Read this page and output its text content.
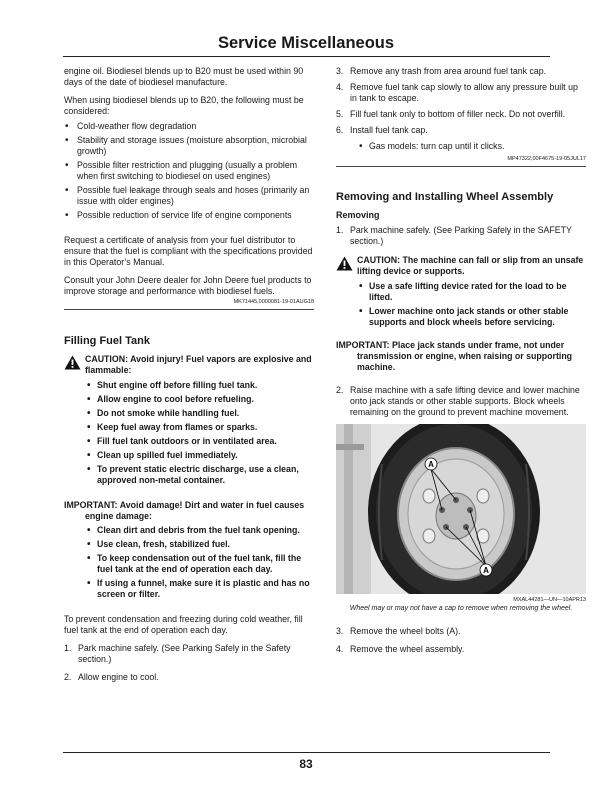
Service Miscellaneous

engine oil. Biodiesel blends up to B20 must be used within 90 days of the date of biodiesel manufacture.

When using biodiesel blends up to B20, the following must be considered:

• Cold-weather flow degradation
• Stability and storage issues (moisture absorption, microbial growth)
• Possible filter restriction and plugging (usually a problem when first switching to biodiesel on used engines)
• Possible fuel leakage through seals and hoses (primarily an issue with older engines)
• Possible reduction of service life of engine components

Request a certificate of analysis from your fuel distributor to ensure that the fuel is compliant with the specifications provided in this Operator’s Manual.

Consult your John Deere dealer for John Deere fuel products to improve storage and performance with biodiesel fuels.

MK71445,0000081-19-01AUG18
Filling Fuel Tank
CAUTION: Avoid injury! Fuel vapors are explosive and flammable:
• Shut engine off before filling fuel tank.
• Allow engine to cool before refueling.
• Do not smoke while handling fuel.
• Keep fuel away from flames or sparks.
• Fill fuel tank outdoors or in ventilated area.
• Clean up spilled fuel immediately.
• To prevent static electric discharge, use a clean, approved non-metal container.
IMPORTANT: Avoid damage! Dirt and water in fuel causes engine damage:
• Clean dirt and debris from the fuel tank opening.
• Use clean, fresh, stabilized fuel.
• To keep condensation out of the fuel tank, fill the fuel tank at the end of operation each day.
• If using a funnel, make sure it is plastic and has no screen or filter.

To prevent condensation and freezing during cold weather, fill fuel tank at the end of operation each day.

1. Park machine safely. (See Parking Safely in the Safety section.)
2. Allow engine to cool.
3. Remove any trash from area around fuel tank cap.
4. Remove fuel tank cap slowly to allow any pressure built up in tank to escape.
5. Fill fuel tank only to bottom of filler neck. Do not overfill.
6. Install fuel tank cap.
• Gas models: turn cap until it clicks.
MP47322,00F4675-19-05JUL17
Removing and Installing Wheel Assembly
Removing
1. Park machine safely. (See Parking Safely in the SAFETY section.)
CAUTION: The machine can fall or slip from an unsafe lifting device or supports.
• Use a safe lifting device rated for the load to be lifted.
• Lower machine onto jack stands or other stable supports and block wheels before servicing.
IMPORTANT: Place jack stands under frame, not under transmission or engine, when raising or supporting machine.
2. Raise machine with a safe lifting device and lower machine onto jack stands or other stable supports. Block wheels remaining on the ground to prevent machine movement.
A
A
MXAL44281—UN—10APR13
Wheel may or may not have a cap to remove when removing the wheel.
3. Remove the wheel bolts (A).
4. Remove the wheel assembly.
83
